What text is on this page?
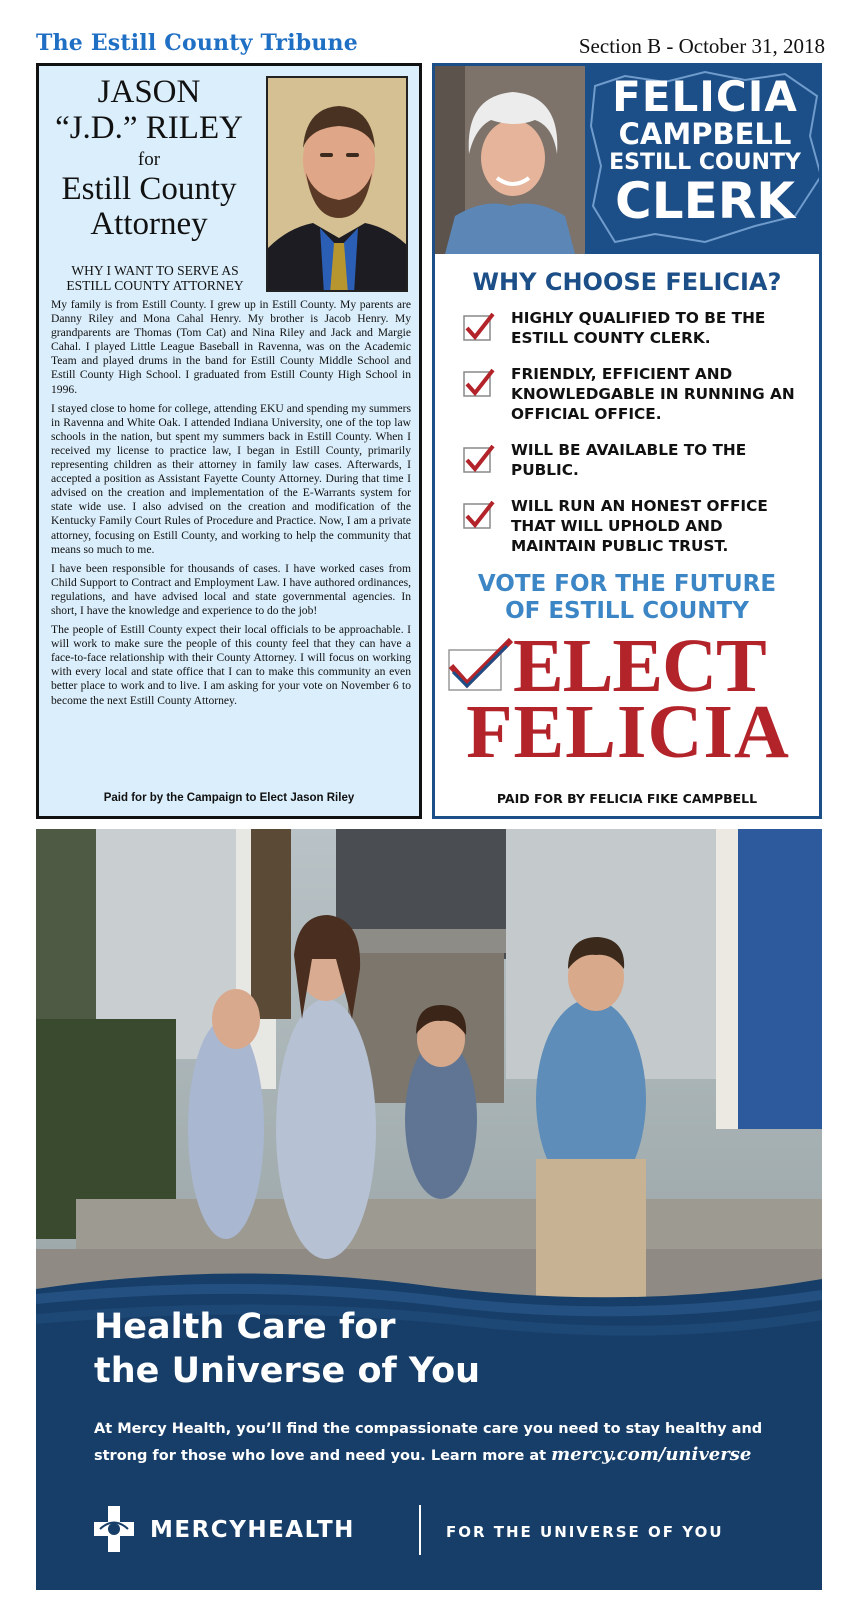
The Estill County Tribune	Section B - October 31, 2018
JASON
“J.D.” RILEY
for
Estill County
Attorney
WHY I WANT TO SERVE AS
ESTILL COUNTY ATTORNEY

My family is from Estill County. I grew up in Estill County. My parents are Danny Riley and Mona Cahal Henry. My brother is Jacob Henry. My grandparents are Thomas (Tom Cat) and Nina Riley and Jack and Margie Cahal. I played Little League Baseball in Ravenna, was on the Academic Team and played drums in the band for Estill County Middle School and Estill County High School. I graduated from Estill County High School in 1996.

I stayed close to home for college, attending EKU and spending my summers in Ravenna and White Oak. I attended Indiana University, one of the top law schools in the nation, but spent my summers back in Estill County. When I received my license to practice law, I began in Estill County, primarily representing children as their attorney in family law cases. Afterwards, I accepted a position as Assistant Fayette County Attorney. During that time I advised on the creation and implementation of the E-Warrants system for state wide use. I also advised on the creation and modification of the Kentucky Family Court Rules of Procedure and Practice. Now, I am a private attorney, focusing on Estill County, and working to help the community that means so much to me.

I have been responsible for thousands of cases. I have worked cases from Child Support to Contract and Employment Law. I have authored ordinances, regulations, and have advised local and state governmental agencies. In short, I have the knowledge and experience to do the job!

The people of Estill County expect their local officials to be approachable. I will work to make sure the people of this county feel that they can have a face-to-face relationship with their County Attorney. I will focus on working with every local and state office that I can to make this community an even better place to work and to live. I am asking for your vote on November 6 to become the next Estill County Attorney.

Paid for by the Campaign to Elect Jason Riley
FELICIA
CAMPBELL
ESTILL COUNTY
CLERK
WHY CHOOSE FELICIA?
HIGHLY QUALIFIED TO BE THE ESTILL COUNTY CLERK.
FRIENDLY, EFFICIENT AND KNOWLEDGABLE IN RUNNING AN OFFICIAL OFFICE.
WILL BE AVAILABLE TO THE PUBLIC.
WILL RUN AN HONEST OFFICE THAT WILL UPHOLD AND MAINTAIN PUBLIC TRUST.
VOTE FOR THE FUTURE
OF ESTILL COUNTY
ELECT
FELICIA
PAID FOR BY FELICIA FIKE CAMPBELL
Health Care for
the Universe of You
At Mercy Health, you’ll find the compassionate care you need to stay healthy and strong for those who love and need you. Learn more at mercy.com/universe
MERCYHEALTH	FOR THE UNIVERSE OF YOU
